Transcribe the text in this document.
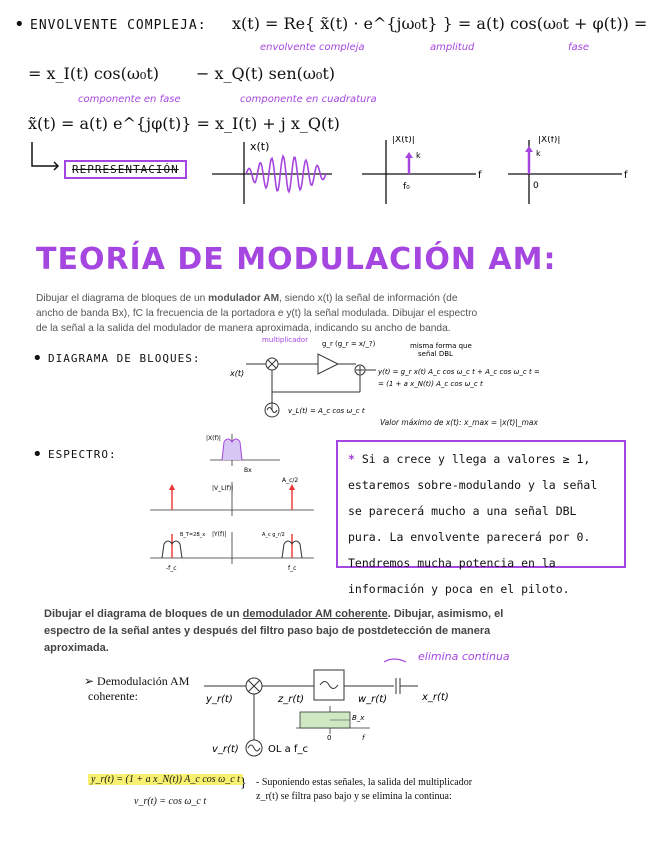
• ENVOLVENTE COMPLEJA: x(t) = Re{ x̃(t) · e^{jω₀t} } = a(t) cos(ω₀t + φ(t)) =
envolvente compleja	amplitud	fase
= x_I(t) cos(ω₀t) − x_Q(t) sen(ω₀t)
componente en fase	componente en cuadratura
x̃(t) = a(t) e^{jφ(t)} = x_I(t) + j x_Q(t)
x(t)	|X(t)|
k
f₀
f
|X̃(f)|
k
0
f
REPRESENTACIÓN
TEORÍA DE MODULACIÓN AM:
Dibujar el diagrama de bloques de un modulador AM, siendo x(t) la señal de información (de
ancho de banda Bx), fC la frecuencia de la portadora e y(t) la señal modulada. Dibujar el espectro
de la señal a la salida del modulador de manera aproximada, indicando su ancho de banda.
• DIAGRAMA DE BLOQUES:
multiplicador
x(t)
g_r (g_r = x/_?)
v_L(t) = A_c cos ω_c t
misma forma que
señal DBL
y(t) = g_r x(t) A_c cos ω_c t + A_c cos ω_c t =
= (1 + a x_N(t)) A_c cos ω_c t
Valor máximo de x(t): x_max = |x(t)|_max
• ESPECTRO:
|X(f)|
Bx
|V_L(f)|
A_c/2
|Y(f)|
B_T=2B_x
-f_c	f_c
A_c g_r/2
* Si a crece y llega a valores ≥ 1, estaremos sobre-modulando y la señal se parecerá mucho a una señal DBL pura. La envolvente parecerá por 0. Tendremos mucha potencia en la información y poca en el piloto.
Dibujar el diagrama de bloques de un demodulador AM coherente. Dibujar, asimismo, el
espectro de la señal antes y después del filtro paso bajo de postdetección de manera
aproximada.
elimina continua
➢ Demodulación AM
coherente:	y_r(t)	z_r(t)	w_r(t)	x_r(t)
v_r(t)	OL a f_c
B_x
0	f
y_r(t) = (1 + a x_N(t)) A_c cos ω_c t
v_r(t) = cos ω_c t
} - Suponiendo estas señales, la salida del multiplicador
z_r(t) se filtra paso bajo y se elimina la continua:
